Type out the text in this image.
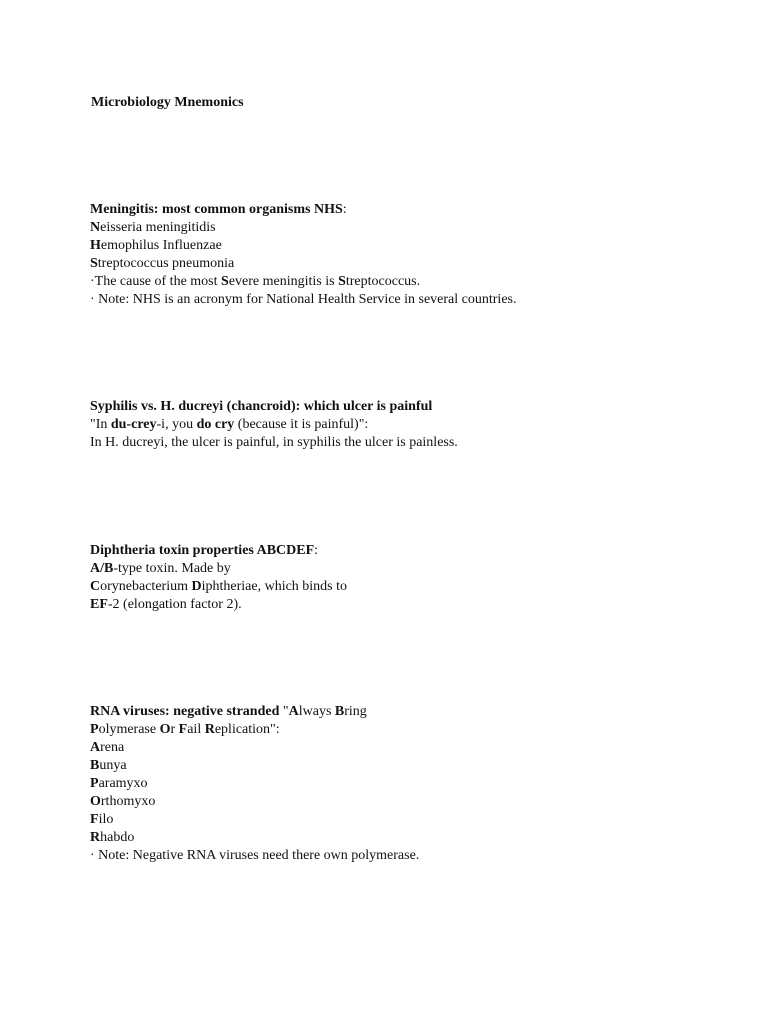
Microbiology Mnemonics
Meningitis: most common organisms NHS:
Neisseria meningitidis
Hemophilus Influenzae
Streptococcus pneumonia
·The cause of the most Severe meningitis is Streptococcus.
· Note: NHS is an acronym for National Health Service in several countries.
Syphilis vs. H. ducreyi (chancroid): which ulcer is painful
"In du-crey-i, you do cry (because it is painful)":
In H. ducreyi, the ulcer is painful, in syphilis the ulcer is painless.
Diphtheria toxin properties ABCDEF:
A/B-type toxin. Made by
Corynebacterium Diphtheriae, which binds to
EF-2 (elongation factor 2).
RNA viruses: negative stranded "Always Bring
Polymerase Or Fail Replication":
Arena
Bunya
Paramyxo
Orthomyxo
Filo
Rhabdo
· Note: Negative RNA viruses need there own polymerase.
